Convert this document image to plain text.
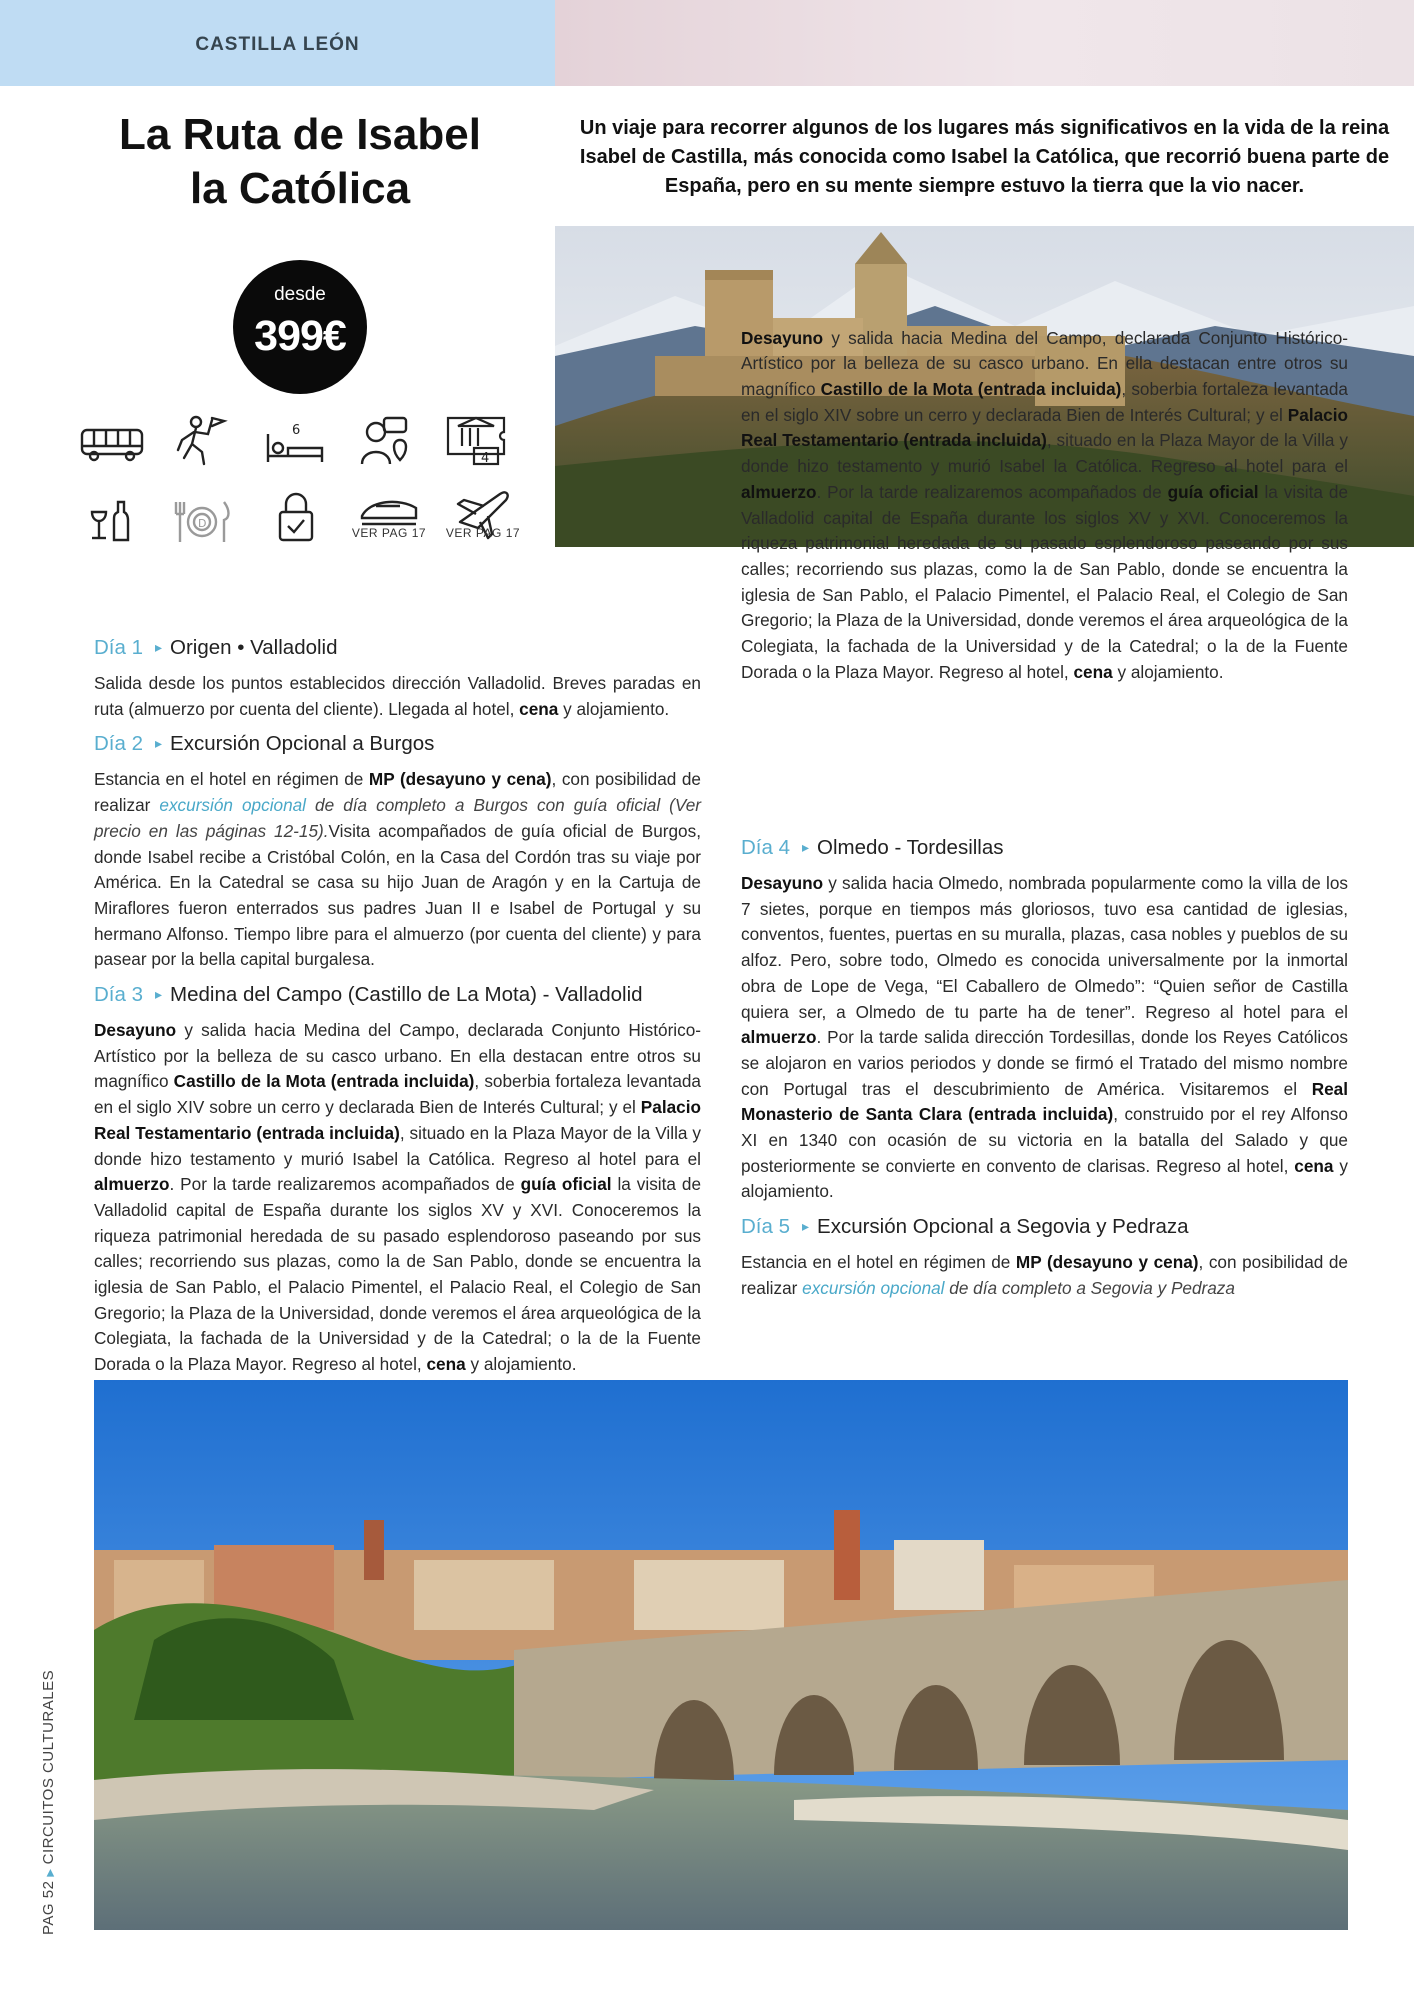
CASTILLA LEÓN
La Ruta de Isabel
la Católica
Un viaje para recorrer algunos de los lugares más significativos en la vida de la reina
Isabel de Castilla, más conocida como Isabel la Católica, que recorrió buena parte de
España, pero en su mente siempre estuvo la tierra que la vio nacer.
desde
399€
6
4
D
VER PAG 17	VER PAG 17
Día 1 ▸ Origen • Valladolid

Salida desde los puntos establecidos dirección Valladolid. Breves paradas en ruta (almuerzo por cuenta del cliente). Llegada al hotel, cena y alojamiento.

Día 2 ▸ Excursión Opcional a Burgos

Estancia en el hotel en régimen de MP (desayuno y cena), con posibilidad de realizar excursión opcional de día completo a Burgos con guía oficial (Ver precio en las páginas 12-15).Visita acompañados de guía oficial de Burgos, donde Isabel recibe a Cristóbal Colón, en la Casa del Cordón tras su viaje por América. En la Catedral se casa su hijo Juan de Aragón y en la Cartuja de Miraflores fueron enterrados sus padres Juan II e Isabel de Portugal y su hermano Alfonso. Tiempo libre para el almuerzo (por cuenta del cliente) y para pasear por la bella capital burgalesa.

Día 3 ▸ Medina del Campo (Castillo de La Mota) - Valladolid

Desayuno y salida hacia Medina del Campo, declarada Conjunto Histórico-Artístico por la belleza de su casco urbano. En ella destacan entre otros su magnífico Castillo de la Mota (entrada incluida), soberbia fortaleza levantada en el siglo XIV sobre un cerro y declarada Bien de Interés Cultural; y el Palacio Real Testamentario (entrada incluida), situado en la Plaza Mayor de la Villa y donde hizo testamento y murió Isabel la Católica. Regreso al hotel para el almuerzo. Por la tarde realizaremos acompañados de guía oficial la visita de Valladolid capital de España durante los siglos XV y XVI. Conoceremos la riqueza patrimonial heredada de su pasado esplendoroso paseando por sus calles; recorriendo sus plazas, como la de San Pablo, donde se encuentra la iglesia de San Pablo, el Palacio Pimentel, el Palacio Real, el Colegio de San Gregorio; la Plaza de la Universidad, donde veremos el área arqueológica de la Colegiata, la fachada de la Universidad y de la Catedral; o la de la Fuente Dorada o la Plaza Mayor. Regreso al hotel, cena y alojamiento.

Día 4 ▸ Olmedo - Tordesillas

Desayuno y salida hacia Olmedo, nombrada popularmente como la villa de los 7 sietes, porque en tiempos más gloriosos, tuvo esa cantidad de iglesias, conventos, fuentes, puertas en su muralla, plazas, casa nobles y pueblos de su alfoz. Pero, sobre todo, Olmedo es conocida universalmente por la inmortal obra de Lope de Vega, “El Caballero de Olmedo”: “Quien señor de Castilla quiera ser, a Olmedo de tu parte ha de tener”. Regreso al hotel para el almuerzo. Por la tarde salida dirección Tordesillas, donde los Reyes Católicos se alojaron en varios periodos y donde se firmó el Tratado del mismo nombre con Portugal tras el descubrimiento de América. Visitaremos el Real Monasterio de Santa Clara (entrada incluida), construido por el rey Alfonso XI en 1340 con ocasión de su victoria en la batalla del Salado y que posteriormente se convierte en convento de clarisas. Regreso al hotel, cena y alojamiento.

Día 5 ▸ Excursión Opcional a Segovia y Pedraza

Estancia en el hotel en régimen de MP (desayuno y cena), con posibilidad de realizar excursión opcional de día completo a Segovia y Pedraza

Desayuno y salida hacia Medina del Campo, declarada Conjunto Histórico-Artístico por la belleza de su casco urbano. En ella destacan entre otros su magnífico Castillo de la Mota (entrada incluida), soberbia fortaleza levantada en el siglo XIV sobre un cerro y declarada Bien de Interés Cultural; y el Palacio Real Testamentario (entrada incluida), situado en la Plaza Mayor de la Villa y donde hizo testamento y murió Isabel la Católica. Regreso al hotel para el almuerzo. Por la tarde realizaremos acompañados de guía oficial la visita de Valladolid capital de España durante los siglos XV y XVI. Conoceremos la riqueza patrimonial heredada de su pasado esplendoroso paseando por sus calles; recorriendo sus plazas, como la de San Pablo, donde se encuentra la iglesia de San Pablo, el Palacio Pimentel, el Palacio Real, el Colegio de San Gregorio; la Plaza de la Universidad, donde veremos el área arqueológica de la Colegiata, la fachada de la Universidad y de la Catedral; o la de la Fuente Dorada o la Plaza Mayor. Regreso al hotel, cena y alojamiento.

PAG 52▶CIRCUITOS CULTURALES
